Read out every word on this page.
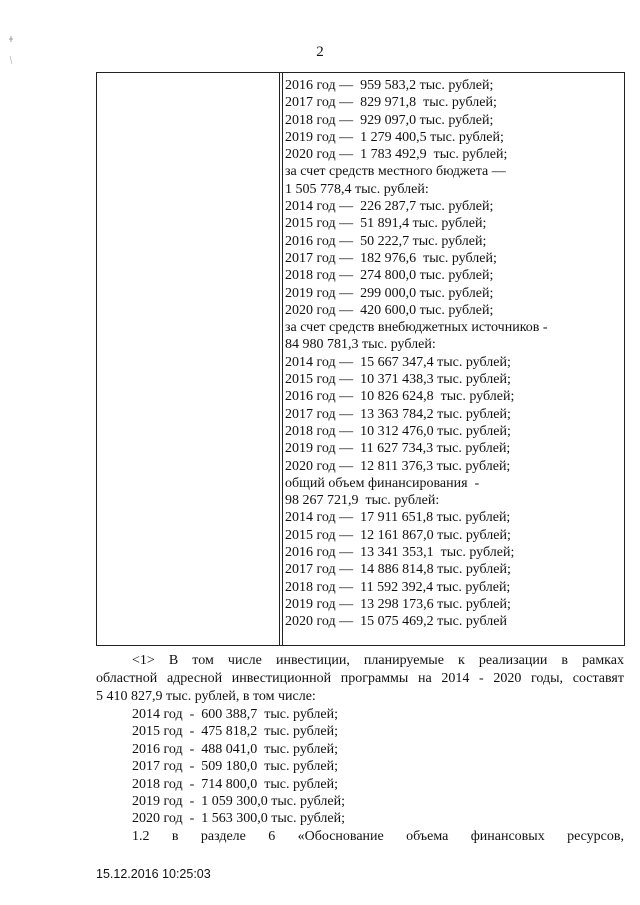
2
2016 год —  959 583,2 тыс. рублей;
2017 год —  829 971,8  тыс. рублей;
2018 год —  929 097,0 тыс. рублей;
2019 год —  1 279 400,5 тыс. рублей;
2020 год —  1 783 492,9  тыс. рублей;
за счет средств местного бюджета —
1 505 778,4 тыс. рублей:
2014 год —  226 287,7 тыс. рублей;
2015 год —  51 891,4 тыс. рублей;
2016 год —  50 222,7 тыс. рублей;
2017 год —  182 976,6  тыс. рублей;
2018 год —  274 800,0 тыс. рублей;
2019 год —  299 000,0 тыс. рублей;
2020 год —  420 600,0 тыс. рублей;
за счет средств внебюджетных источников -
84 980 781,3 тыс. рублей:
2014 год —  15 667 347,4 тыс. рублей;
2015 год —  10 371 438,3 тыс. рублей;
2016 год —  10 826 624,8  тыс. рублей;
2017 год —  13 363 784,2 тыс. рублей;
2018 год —  10 312 476,0 тыс. рублей;
2019 год —  11 627 734,3 тыс. рублей;
2020 год —  12 811 376,3 тыс. рублей;
общий объем финансирования  -
98 267 721,9  тыс. рублей:
2014 год —  17 911 651,8 тыс. рублей;
2015 год —  12 161 867,0 тыс. рублей;
2016 год —  13 341 353,1  тыс. рублей;
2017 год —  14 886 814,8 тыс. рублей;
2018 год —  11 592 392,4 тыс. рублей;
2019 год —  13 298 173,6 тыс. рублей;
2020 год —  15 075 469,2 тыс. рублей
<1> В том числе инвестиции, планируемые к реализации в рамках
областной адресной инвестиционной программы на 2014 - 2020 годы, составят
5 410 827,9 тыс. рублей, в том числе:
2014 год  -  600 388,7  тыс. рублей;
2015 год  -  475 818,2  тыс. рублей;
2016 год  -  488 041,0  тыс. рублей;
2017 год  -  509 180,0  тыс. рублей;
2018 год  -  714 800,0  тыс. рублей;
2019 год  -  1 059 300,0 тыс. рублей;
2020 год  -  1 563 300,0 тыс. рублей;
1.2 в разделе 6 «Обоснование объема финансовых ресурсов,
15.12.2016 10:25:03
